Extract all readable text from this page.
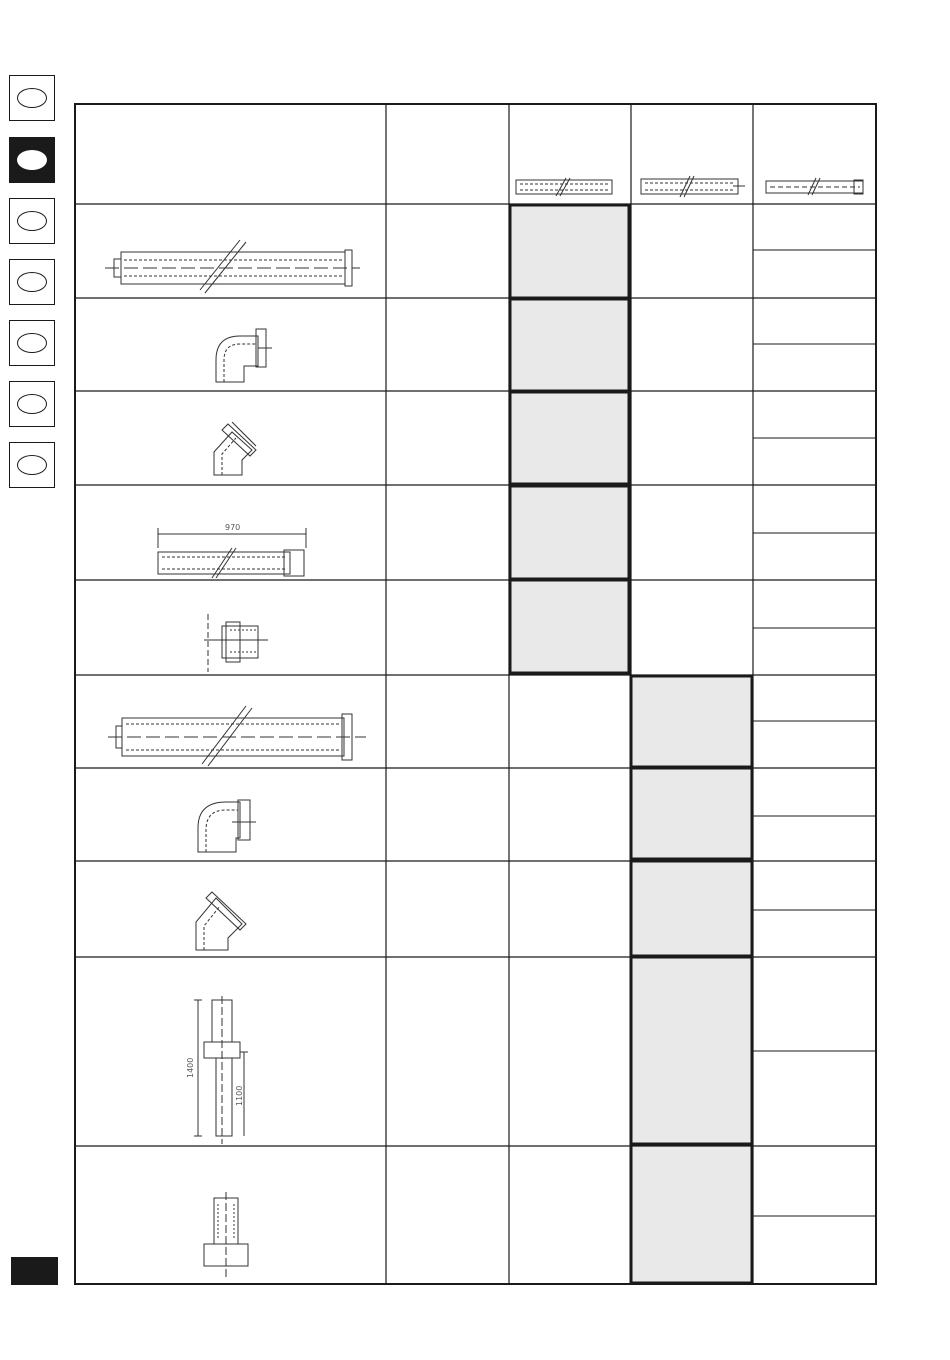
970
1400
1100
